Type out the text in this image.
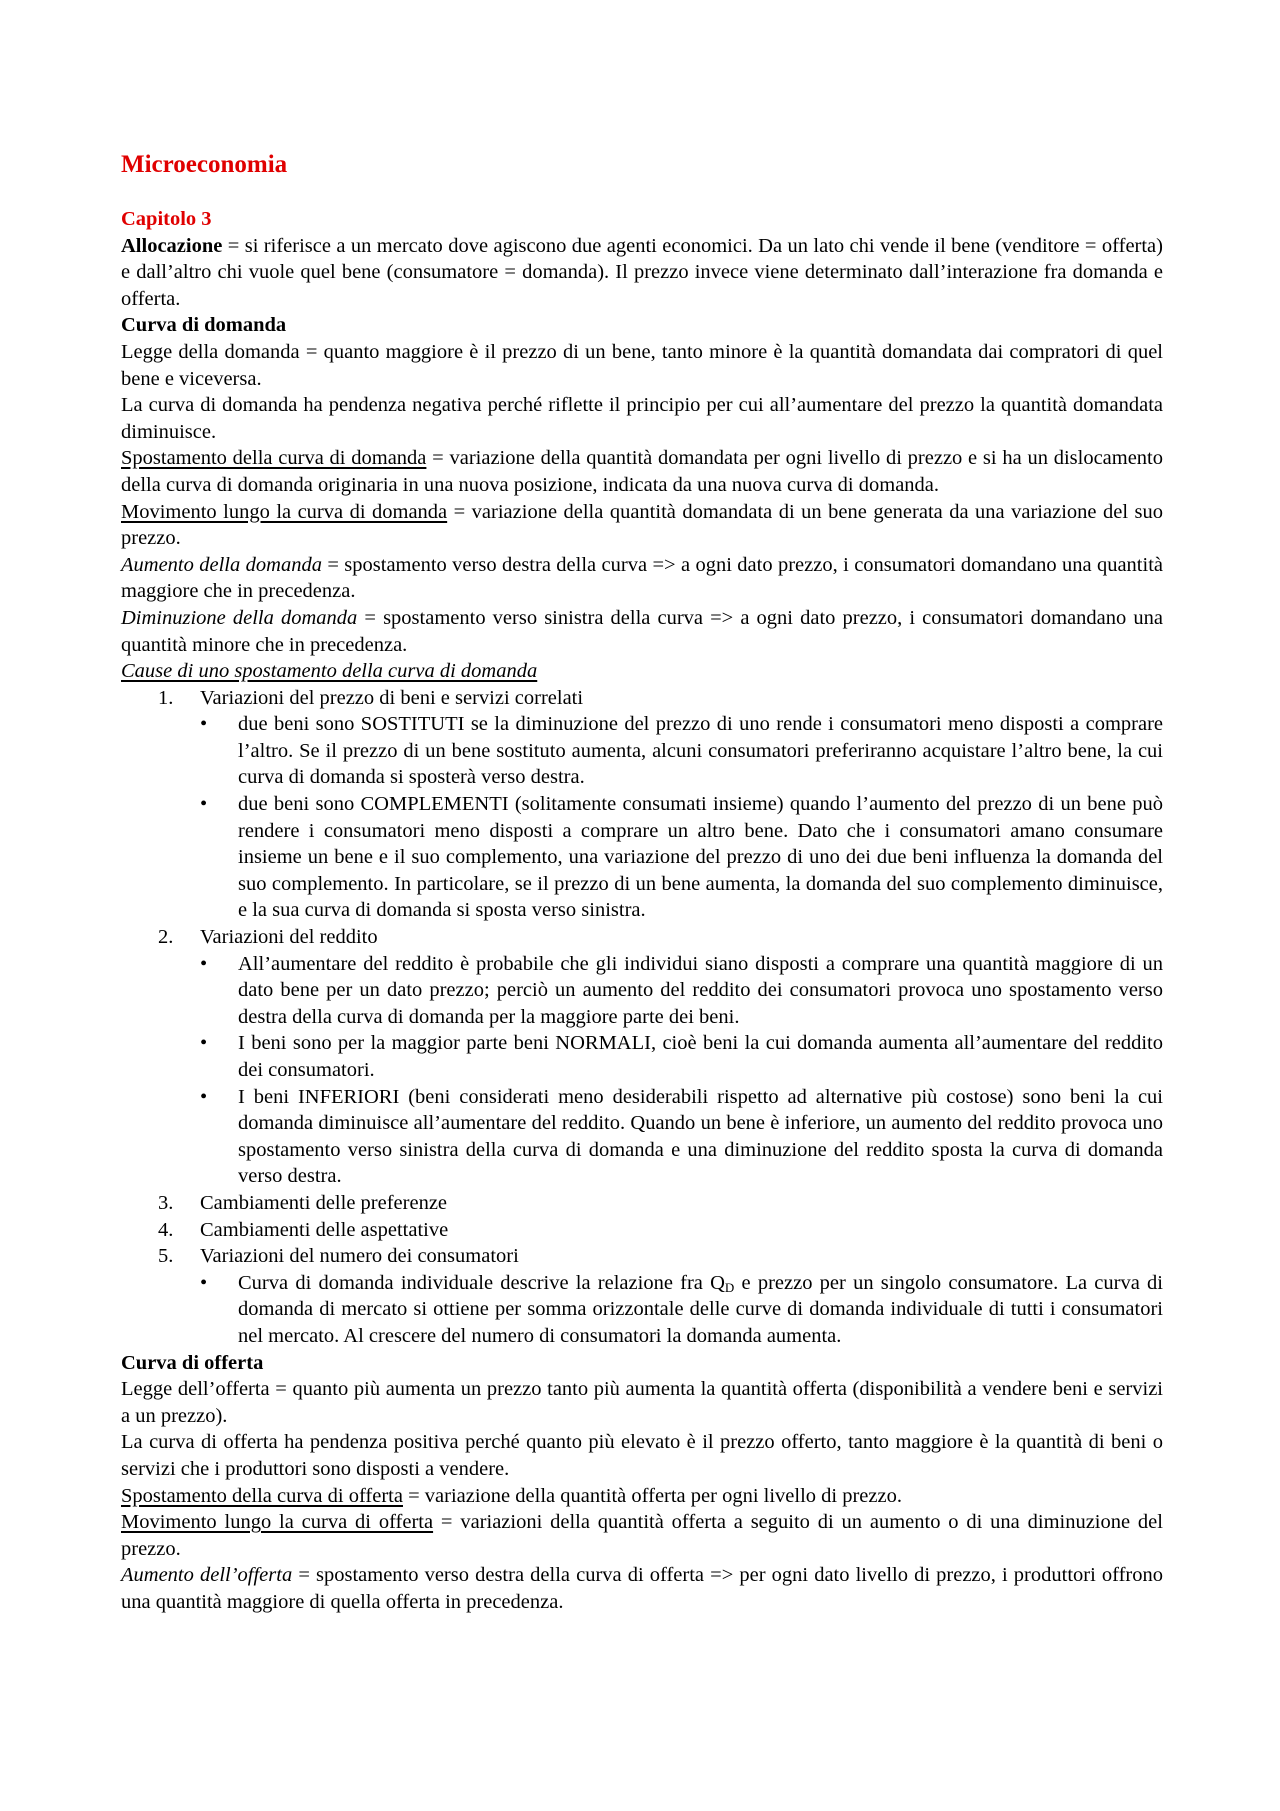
Microeconomia
Capitolo 3

Allocazione = si riferisce a un mercato dove agiscono due agenti economici. Da un lato chi vende il bene (venditore = offerta) e dall’altro chi vuole quel bene (consumatore = domanda). Il prezzo invece viene determinato dall’interazione fra domanda e offerta.

Curva di domanda

Legge della domanda = quanto maggiore è il prezzo di un bene, tanto minore è la quantità domandata dai compratori di quel bene e viceversa.

La curva di domanda ha pendenza negativa perché riflette il principio per cui all’aumentare del prezzo la quantità domandata diminuisce.

Spostamento della curva di domanda = variazione della quantità domandata per ogni livello di prezzo e si ha un dislocamento della curva di domanda originaria in una nuova posizione, indicata da una nuova curva di domanda.

Movimento lungo la curva di domanda = variazione della quantità domandata di un bene generata da una variazione del suo prezzo.

Aumento della domanda = spostamento verso destra della curva => a ogni dato prezzo, i consumatori domandano una quantità maggiore che in precedenza.

Diminuzione della domanda = spostamento verso sinistra della curva => a ogni dato prezzo, i consumatori domandano una quantità minore che in precedenza.

Cause di uno spostamento della curva di domanda

1. Variazioni del prezzo di beni e servizi correlati
• due beni sono SOSTITUTI se la diminuzione del prezzo di uno rende i consumatori meno disposti a comprare l’altro. Se il prezzo di un bene sostituto aumenta, alcuni consumatori preferiranno acquistare l’altro bene, la cui curva di domanda si sposterà verso destra.
• due beni sono COMPLEMENTI (solitamente consumati insieme) quando l’aumento del prezzo di un bene può rendere i consumatori meno disposti a comprare un altro bene. Dato che i consumatori amano consumare insieme un bene e il suo complemento, una variazione del prezzo di uno dei due beni influenza la domanda del suo complemento. In particolare, se il prezzo di un bene aumenta, la domanda del suo complemento diminuisce, e la sua curva di domanda si sposta verso sinistra.
2. Variazioni del reddito
• All’aumentare del reddito è probabile che gli individui siano disposti a comprare una quantità maggiore di un dato bene per un dato prezzo; perciò un aumento del reddito dei consumatori provoca uno spostamento verso destra della curva di domanda per la maggiore parte dei beni.
• I beni sono per la maggior parte beni NORMALI, cioè beni la cui domanda aumenta all’aumentare del reddito dei consumatori.
• I beni INFERIORI (beni considerati meno desiderabili rispetto ad alternative più costose) sono beni la cui domanda diminuisce all’aumentare del reddito. Quando un bene è inferiore, un aumento del reddito provoca uno spostamento verso sinistra della curva di domanda e una diminuzione del reddito sposta la curva di domanda verso destra.
3. Cambiamenti delle preferenze
4. Cambiamenti delle aspettative
5. Variazioni del numero dei consumatori
• Curva di domanda individuale descrive la relazione fra $Q_D$ e prezzo per un singolo consumatore. La curva di domanda di mercato si ottiene per somma orizzontale delle curve di domanda individuale di tutti i consumatori nel mercato. Al crescere del numero di consumatori la domanda aumenta.
Curva di offerta

Legge dell’offerta = quanto più aumenta un prezzo tanto più aumenta la quantità offerta (disponibilità a vendere beni e servizi a un prezzo).

La curva di offerta ha pendenza positiva perché quanto più elevato è il prezzo offerto, tanto maggiore è la quantità di beni o servizi che i produttori sono disposti a vendere.

Spostamento della curva di offerta = variazione della quantità offerta per ogni livello di prezzo.

Movimento lungo la curva di offerta = variazioni della quantità offerta a seguito di un aumento o di una diminuzione del prezzo.

Aumento dell’offerta = spostamento verso destra della curva di offerta => per ogni dato livello di prezzo, i produttori offrono una quantità maggiore di quella offerta in precedenza.
